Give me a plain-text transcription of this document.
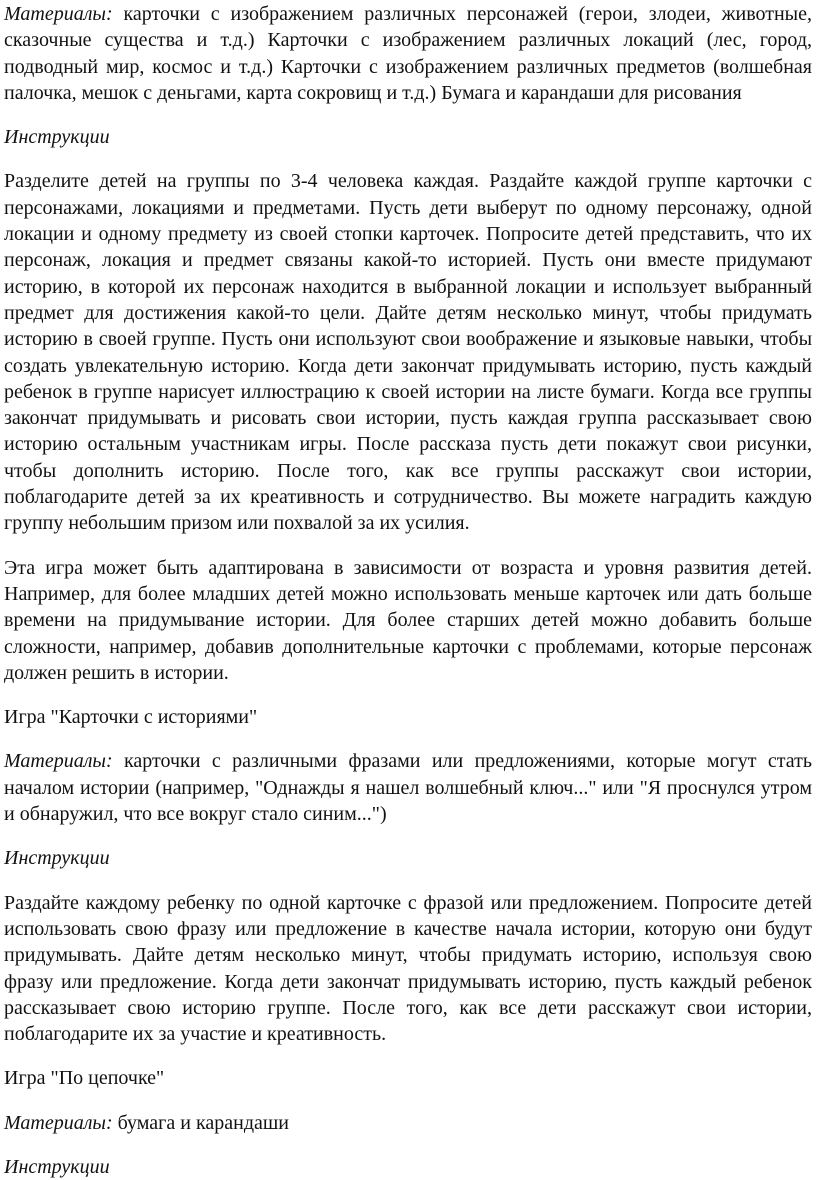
Материалы: карточки с изображением различных персонажей (герои, злодеи, животные, сказочные существа и т.д.) Карточки с изображением различных локаций (лес, город, подводный мир, космос и т.д.) Карточки с изображением различных предметов (волшебная палочка, мешок с деньгами, карта сокровищ и т.д.) Бумага и карандаши для рисования

Инструкции

Разделите детей на группы по 3-4 человека каждая. Раздайте каждой группе карточки с персонажами, локациями и предметами. Пусть дети выберут по одному персонажу, одной локации и одному предмету из своей стопки карточек. Попросите детей представить, что их персонаж, локация и предмет связаны какой-то историей. Пусть они вместе придумают историю, в которой их персонаж находится в выбранной локации и использует выбранный предмет для достижения какой-то цели. Дайте детям несколько минут, чтобы придумать историю в своей группе. Пусть они используют свои воображение и языковые навыки, чтобы создать увлекательную историю. Когда дети закончат придумывать историю, пусть каждый ребенок в группе нарисует иллюстрацию к своей истории на листе бумаги. Когда все группы закончат придумывать и рисовать свои истории, пусть каждая группа рассказывает свою историю остальным участникам игры. После рассказа пусть дети покажут свои рисунки, чтобы дополнить историю. После того, как все группы расскажут свои истории, поблагодарите детей за их креативность и сотрудничество. Вы можете наградить каждую группу небольшим призом или похвалой за их усилия.

Эта игра может быть адаптирована в зависимости от возраста и уровня развития детей. Например, для более младших детей можно использовать меньше карточек или дать больше времени на придумывание истории. Для более старших детей можно добавить больше сложности, например, добавив дополнительные карточки с проблемами, которые персонаж должен решить в истории.

Игра "Карточки с историями"

Материалы: карточки с различными фразами или предложениями, которые могут стать началом истории (например, "Однажды я нашел волшебный ключ..." или "Я проснулся утром и обнаружил, что все вокруг стало синим...")

Инструкции

Раздайте каждому ребенку по одной карточке с фразой или предложением. Попросите детей использовать свою фразу или предложение в качестве начала истории, которую они будут придумывать. Дайте детям несколько минут, чтобы придумать историю, используя свою фразу или предложение. Когда дети закончат придумывать историю, пусть каждый ребенок рассказывает свою историю группе. После того, как все дети расскажут свои истории, поблагодарите их за участие и креативность.

Игра "По цепочке"

Материалы: бумага и карандаши

Инструкции
